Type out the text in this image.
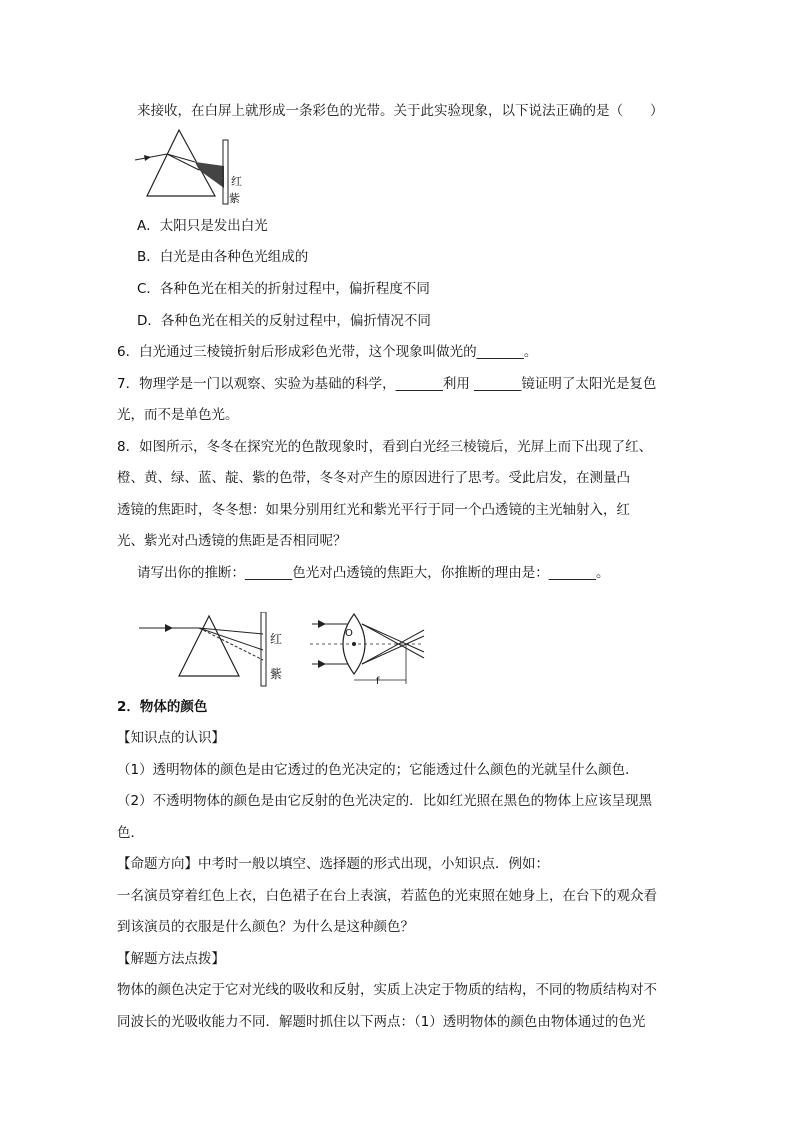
来接收，在白屏上就形成一条彩色的光带。关于此实验现象，以下说法正确的是（　　）
红
紫
A．太阳只是发出白光
B．白光是由各种色光组成的
C．各种色光在相关的折射过程中，偏折程度不同
D．各种色光在相关的反射过程中，偏折情况不同
6．白光通过三棱镜折射后形成彩色光带，这个现象叫做光的_______。
7．物理学是一门以观察、实验为基础的科学，_______利用 _______镜证明了太阳光是复色
光，而不是单色光。
8．如图所示，冬冬在探究光的色散现象时，看到白光经三棱镜后，光屏上而下出现了红、
橙、黄、绿、蓝、靛、紫的色带，冬冬对产生的原因进行了思考。受此启发，在测量凸
透镜的焦距时，冬冬想：如果分别用红光和紫光平行于同一个凸透镜的主光轴射入，红
光、紫光对凸透镜的焦距是否相同呢？
请写出你的推断：_______色光对凸透镜的焦距大，你推断的理由是：_______。
红
紫
O
f
2．物体的颜色
【知识点的认识】
（1）透明物体的颜色是由它透过的色光决定的；它能透过什么颜色的光就呈什么颜色．
（2）不透明物体的颜色是由它反射的色光决定的．比如红光照在黑色的物体上应该呈现黑
色．
【命题方向】中考时一般以填空、选择题的形式出现，小知识点．例如：
一名演员穿着红色上衣，白色裙子在台上表演，若蓝色的光束照在她身上，在台下的观众看
到该演员的衣服是什么颜色？为什么是这种颜色？
【解题方法点拨】
物体的颜色决定于它对光线的吸收和反射，实质上决定于物质的结构，不同的物质结构对不
同波长的光吸收能力不同．解题时抓住以下两点：（1）透明物体的颜色由物体通过的色光
